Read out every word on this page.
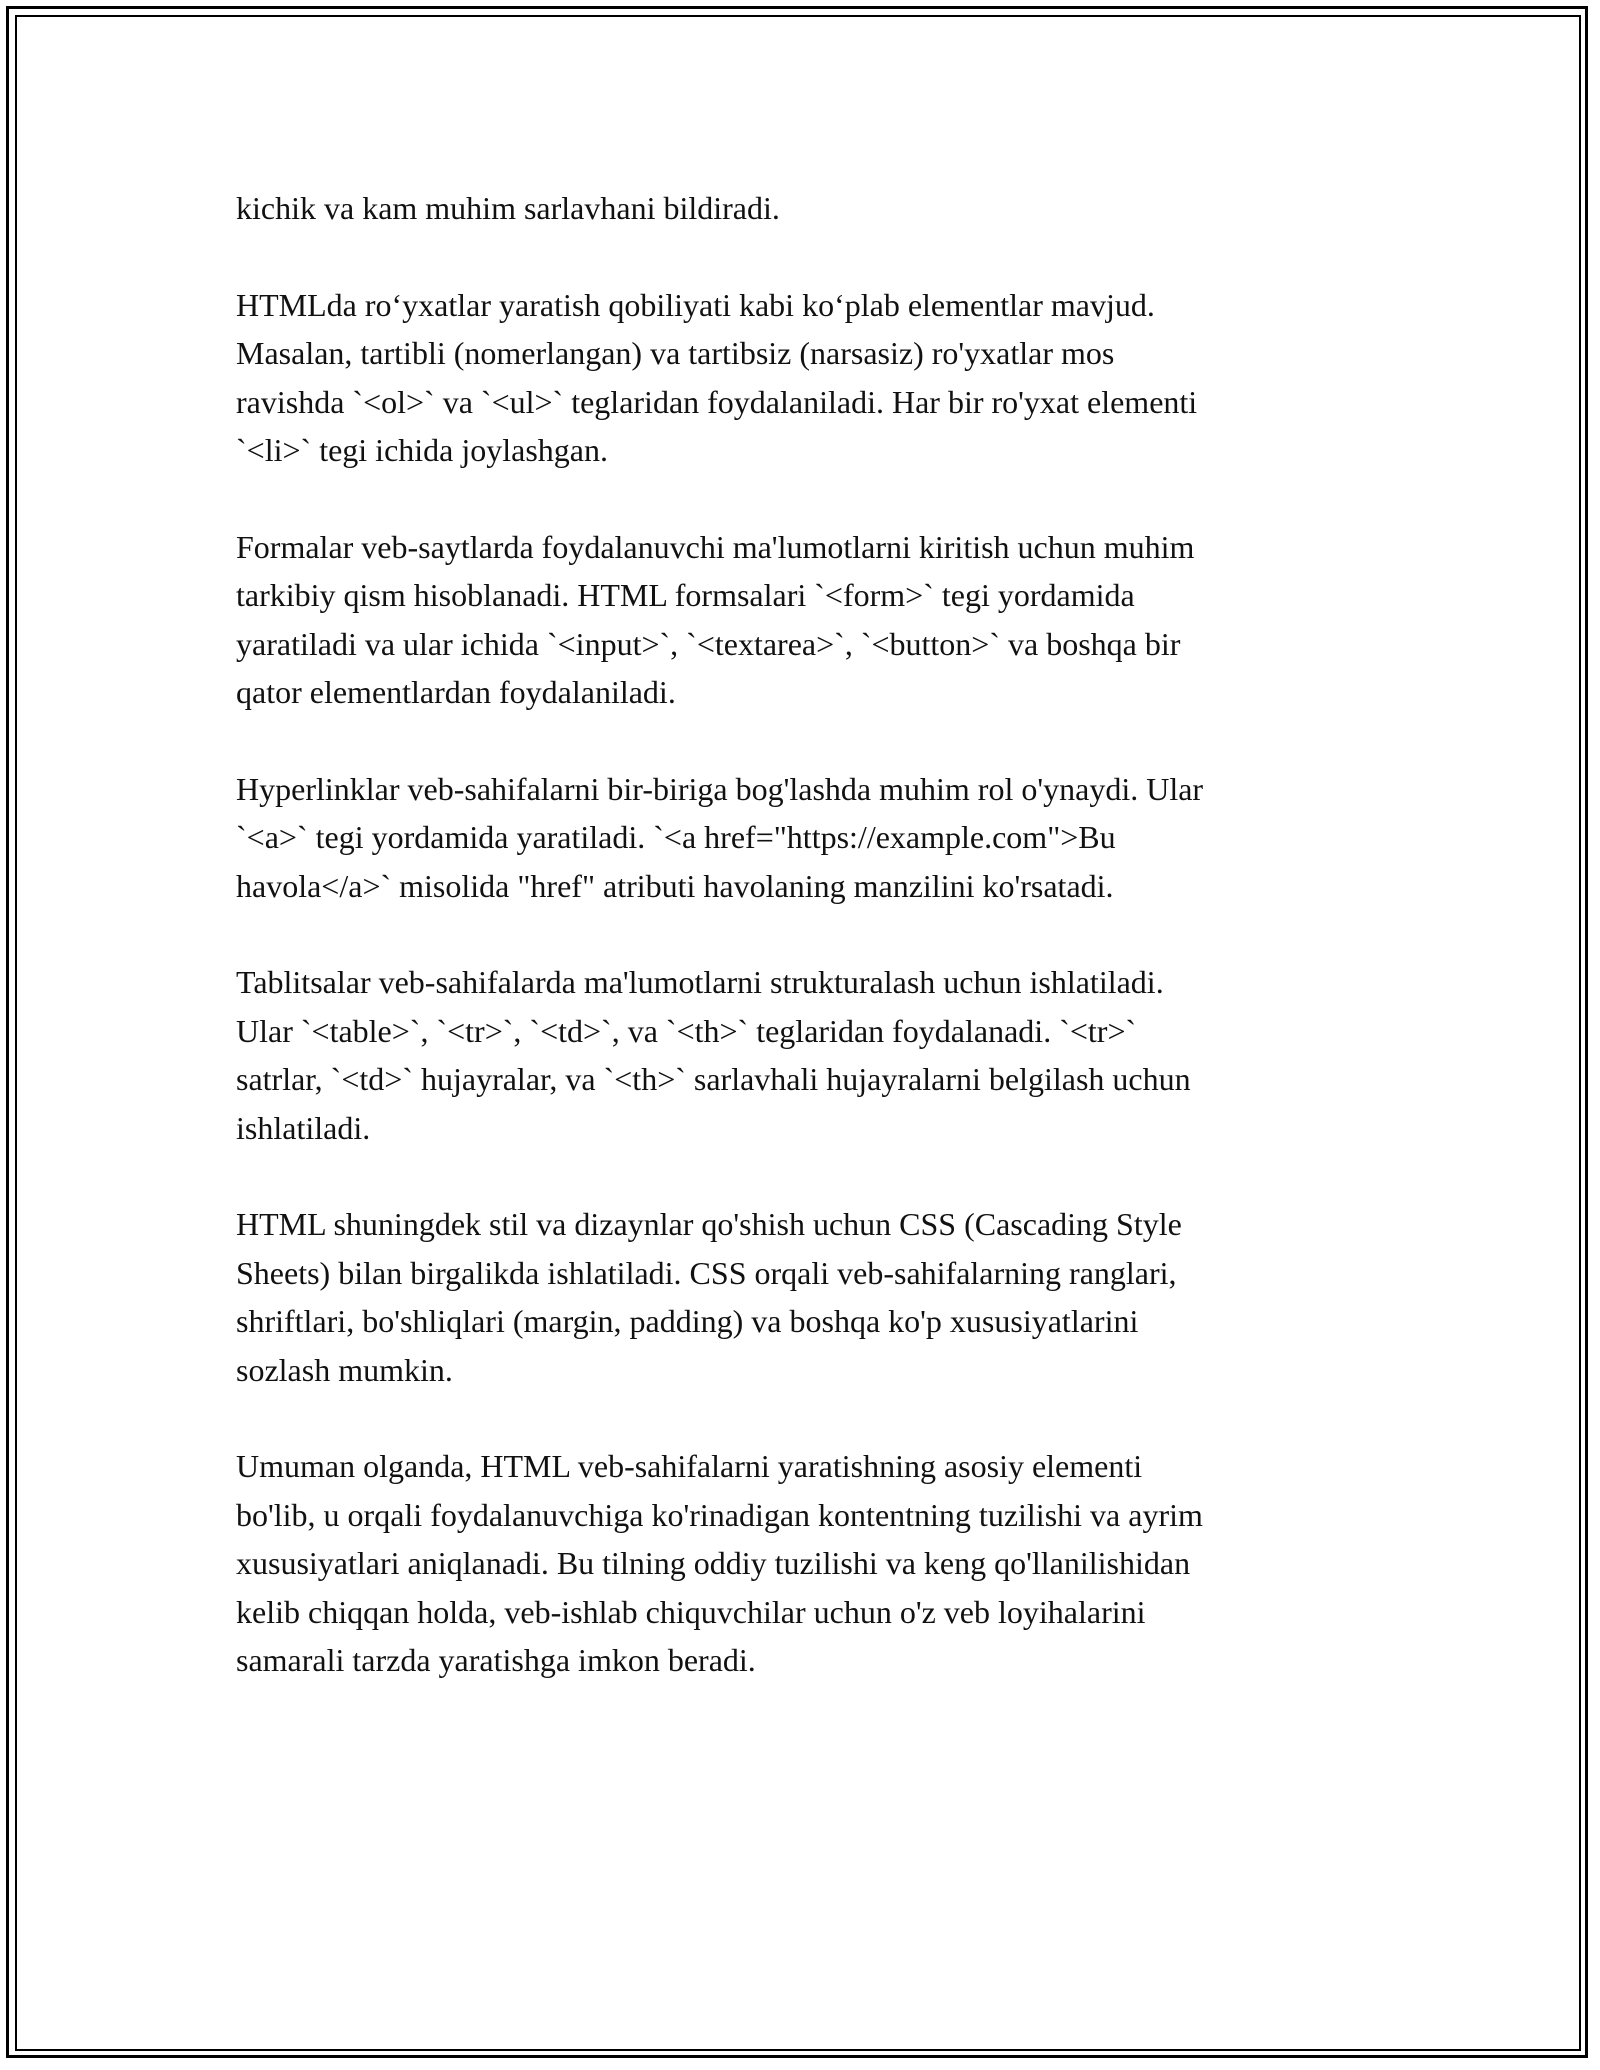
kichik va kam muhim sarlavhani bildiradi.

HTMLda ro‘yxatlar yaratish qobiliyati kabi ko‘plab elementlar mavjud.
Masalan, tartibli (nomerlangan) va tartibsiz (narsasiz) ro'yxatlar mos
ravishda `<ol>` va `<ul>` teglaridan foydalaniladi. Har bir ro'yxat elementi
`<li>` tegi ichida joylashgan.

Formalar veb-saytlarda foydalanuvchi ma'lumotlarni kiritish uchun muhim
tarkibiy qism hisoblanadi. HTML formsalari `<form>` tegi yordamida
yaratiladi va ular ichida `<input>`, `<textarea>`, `<button>` va boshqa bir
qator elementlardan foydalaniladi.

Hyperlinklar veb-sahifalarni bir-biriga bog'lashda muhim rol o'ynaydi. Ular
`<a>` tegi yordamida yaratiladi. `<a href="https://example.com">Bu
havola</a>` misolida "href" atributi havolaning manzilini ko'rsatadi.

Tablitsalar veb-sahifalarda ma'lumotlarni strukturalash uchun ishlatiladi.
Ular `<table>`, `<tr>`, `<td>`, va `<th>` teglaridan foydalanadi. `<tr>`
satrlar, `<td>` hujayralar, va `<th>` sarlavhali hujayralarni belgilash uchun
ishlatiladi.

HTML shuningdek stil va dizaynlar qo'shish uchun CSS (Cascading Style
Sheets) bilan birgalikda ishlatiladi. CSS orqali veb-sahifalarning ranglari,
shriftlari, bo'shliqlari (margin, padding) va boshqa ko'p xususiyatlarini
sozlash mumkin.

Umuman olganda, HTML veb-sahifalarni yaratishning asosiy elementi
bo'lib, u orqali foydalanuvchiga ko'rinadigan kontentning tuzilishi va ayrim
xususiyatlari aniqlanadi. Bu tilning oddiy tuzilishi va keng qo'llanilishidan
kelib chiqqan holda, veb-ishlab chiquvchilar uchun o'z veb loyihalarini
samarali tarzda yaratishga imkon beradi.
